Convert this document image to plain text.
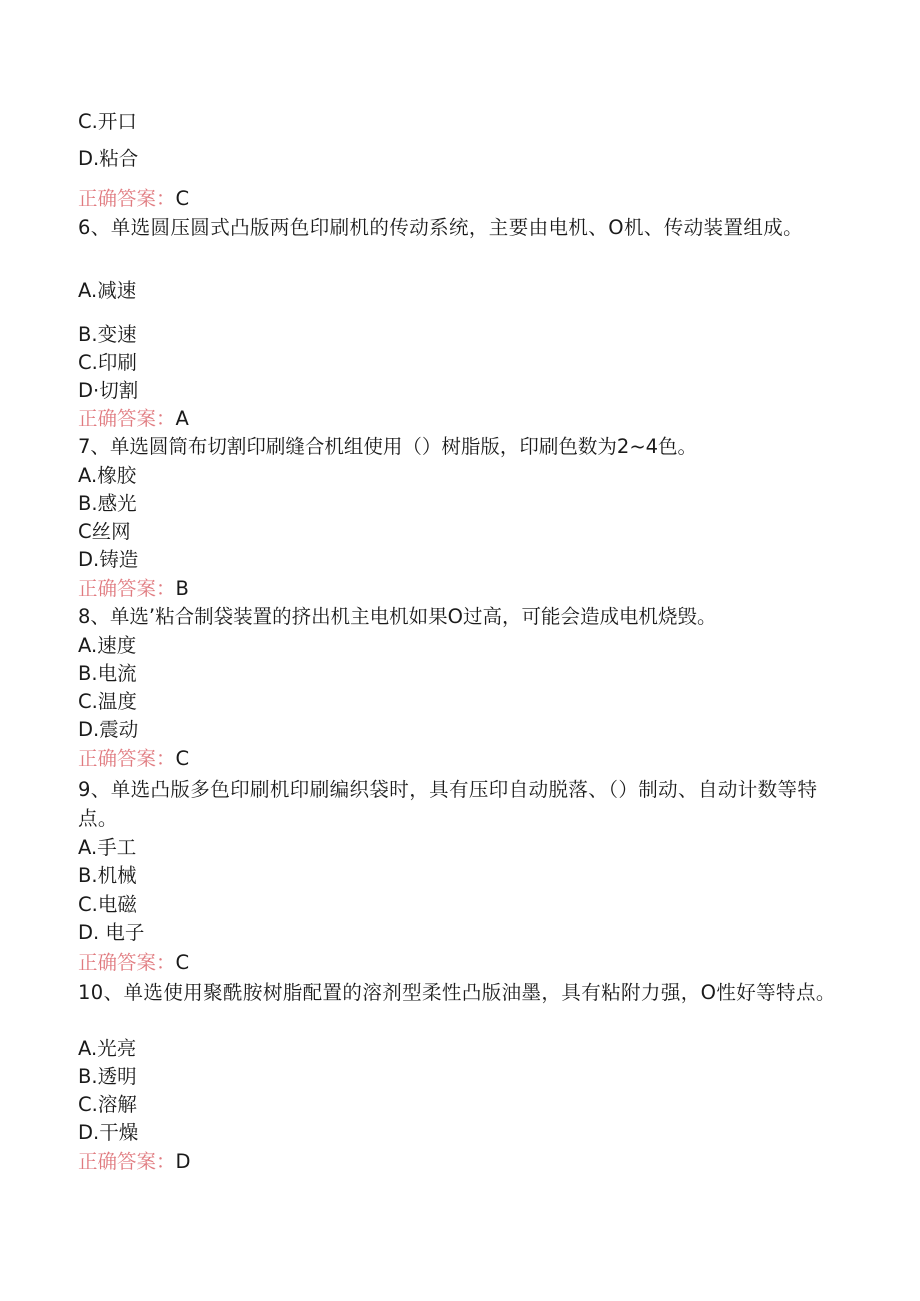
C.开口
D.粘合
正确答案：C
6、单选圆压圆式凸版两色印刷机的传动系统，主要由电机、O机、传动装置组成。
A.减速
B.变速
C.印刷
D·切割
正确答案：A
7、单选圆筒布切割印刷缝合机组使用（）树脂版，印刷色数为2~4色。
A.橡胶
B.感光
C丝网
D.铸造
正确答案：B
8、单选’粘合制袋装置的挤出机主电机如果O过高，可能会造成电机烧毁。
A.速度
B.电流
C.温度
D.震动
正确答案：C
9、单选凸版多色印刷机印刷编织袋时，具有压印自动脱落、（）制动、自动计数等特点。
A.手工
B.机械
C.电磁
D. 电子
正确答案：C
10、单选使用聚酰胺树脂配置的溶剂型柔性凸版油墨，具有粘附力强，O性好等特点。
A.光亮
B.透明
C.溶解
D.干燥
正确答案：D
